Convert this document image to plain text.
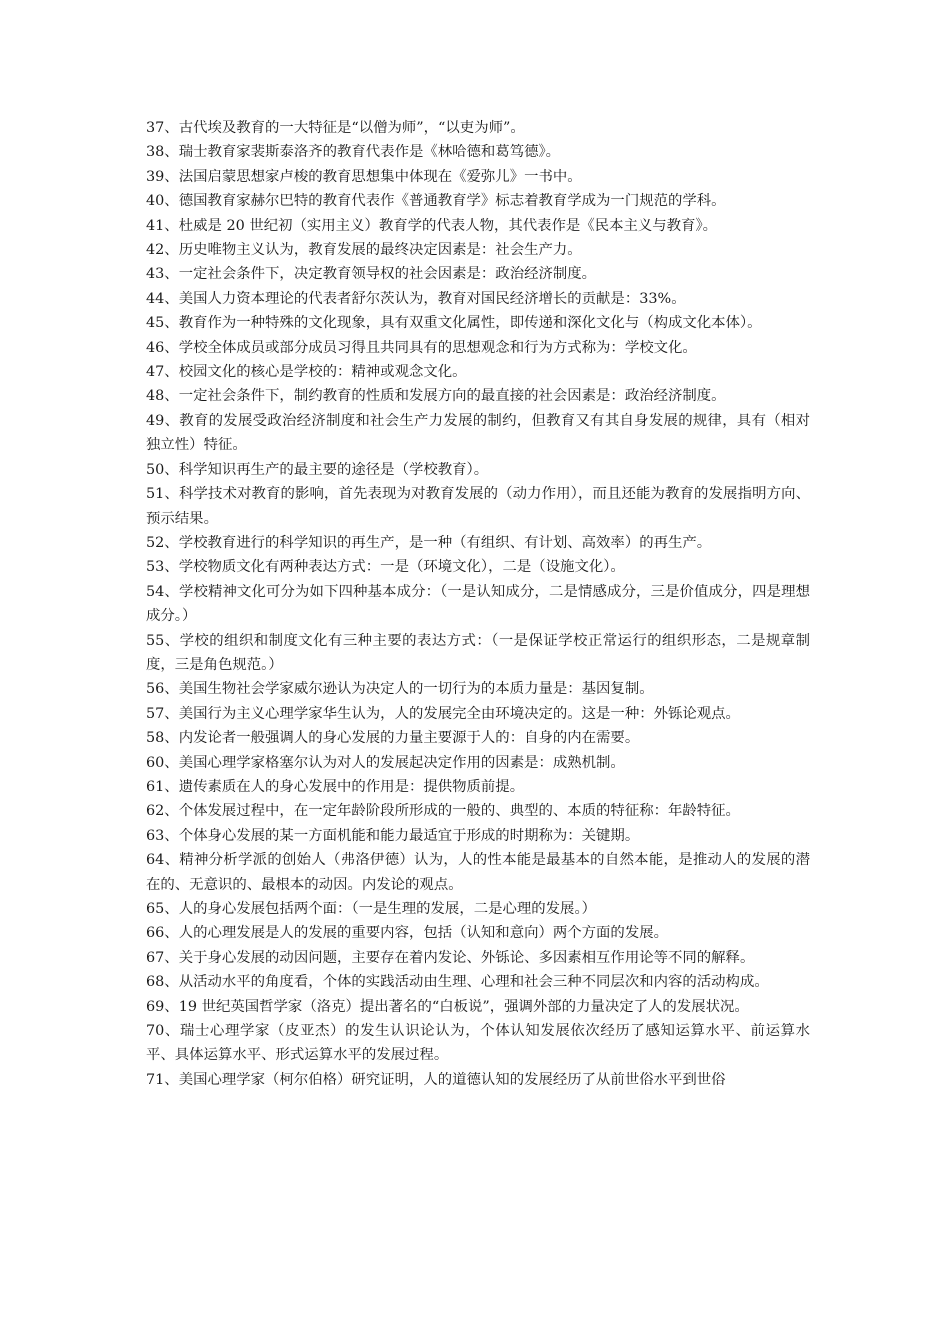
37、古代埃及教育的一大特征是“以僧为师”，“以吏为师”。

38、瑞士教育家裴斯泰洛齐的教育代表作是《林哈德和葛笃德》。

39、法国启蒙思想家卢梭的教育思想集中体现在《爱弥儿》一书中。

40、德国教育家赫尔巴特的教育代表作《普通教育学》标志着教育学成为一门规范的学科。

41、杜威是 20 世纪初（实用主义）教育学的代表人物，其代表作是《民本主义与教育》。

42、历史唯物主义认为，教育发展的最终决定因素是：社会生产力。

43、一定社会条件下，决定教育领导权的社会因素是：政治经济制度。

44、美国人力资本理论的代表者舒尔茨认为，教育对国民经济增长的贡献是：33%。

45、教育作为一种特殊的文化现象，具有双重文化属性，即传递和深化文化与（构成文化本体）。

46、学校全体成员或部分成员习得且共同具有的思想观念和行为方式称为：学校文化。

47、校园文化的核心是学校的：精神或观念文化。

48、一定社会条件下，制约教育的性质和发展方向的最直接的社会因素是：政治经济制度。

49、教育的发展受政治经济制度和社会生产力发展的制约，但教育又有其自身发展的规律，具有（相对独立性）特征。

50、科学知识再生产的最主要的途径是（学校教育）。

51、科学技术对教育的影响，首先表现为对教育发展的（动力作用），而且还能为教育的发展指明方向、预示结果。

52、学校教育进行的科学知识的再生产，是一种（有组织、有计划、高效率）的再生产。

53、学校物质文化有两种表达方式：一是（环境文化），二是（设施文化）。

54、学校精神文化可分为如下四种基本成分：（一是认知成分，二是情感成分，三是价值成分，四是理想成分。）

55、学校的组织和制度文化有三种主要的表达方式：（一是保证学校正常运行的组织形态，二是规章制度，三是角色规范。）

56、美国生物社会学家威尔逊认为决定人的一切行为的本质力量是：基因复制。

57、美国行为主义心理学家华生认为，人的发展完全由环境决定的。这是一种：外铄论观点。

58、内发论者一般强调人的身心发展的力量主要源于人的：自身的内在需要。

60、美国心理学家格塞尔认为对人的发展起决定作用的因素是：成熟机制。

61、遗传素质在人的身心发展中的作用是：提供物质前提。

62、个体发展过程中，在一定年龄阶段所形成的一般的、典型的、本质的特征称：年龄特征。

63、个体身心发展的某一方面机能和能力最适宜于形成的时期称为：关键期。

64、精神分析学派的创始人（弗洛伊德）认为，人的性本能是最基本的自然本能，是推动人的发展的潜在的、无意识的、最根本的动因。内发论的观点。

65、人的身心发展包括两个面：（一是生理的发展，二是心理的发展。）

66、人的心理发展是人的发展的重要内容，包括（认知和意向）两个方面的发展。

67、关于身心发展的动因问题，主要存在着内发论、外铄论、多因素相互作用论等不同的解释。

68、从活动水平的角度看，个体的实践活动由生理、心理和社会三种不同层次和内容的活动构成。

69、19 世纪英国哲学家（洛克）提出著名的“白板说”，强调外部的力量决定了人的发展状况。

70、瑞士心理学家（皮亚杰）的发生认识论认为，个体认知发展依次经历了感知运算水平、前运算水平、具体运算水平、形式运算水平的发展过程。

71、美国心理学家（柯尔伯格）研究证明，人的道德认知的发展经历了从前世俗水平到世俗
